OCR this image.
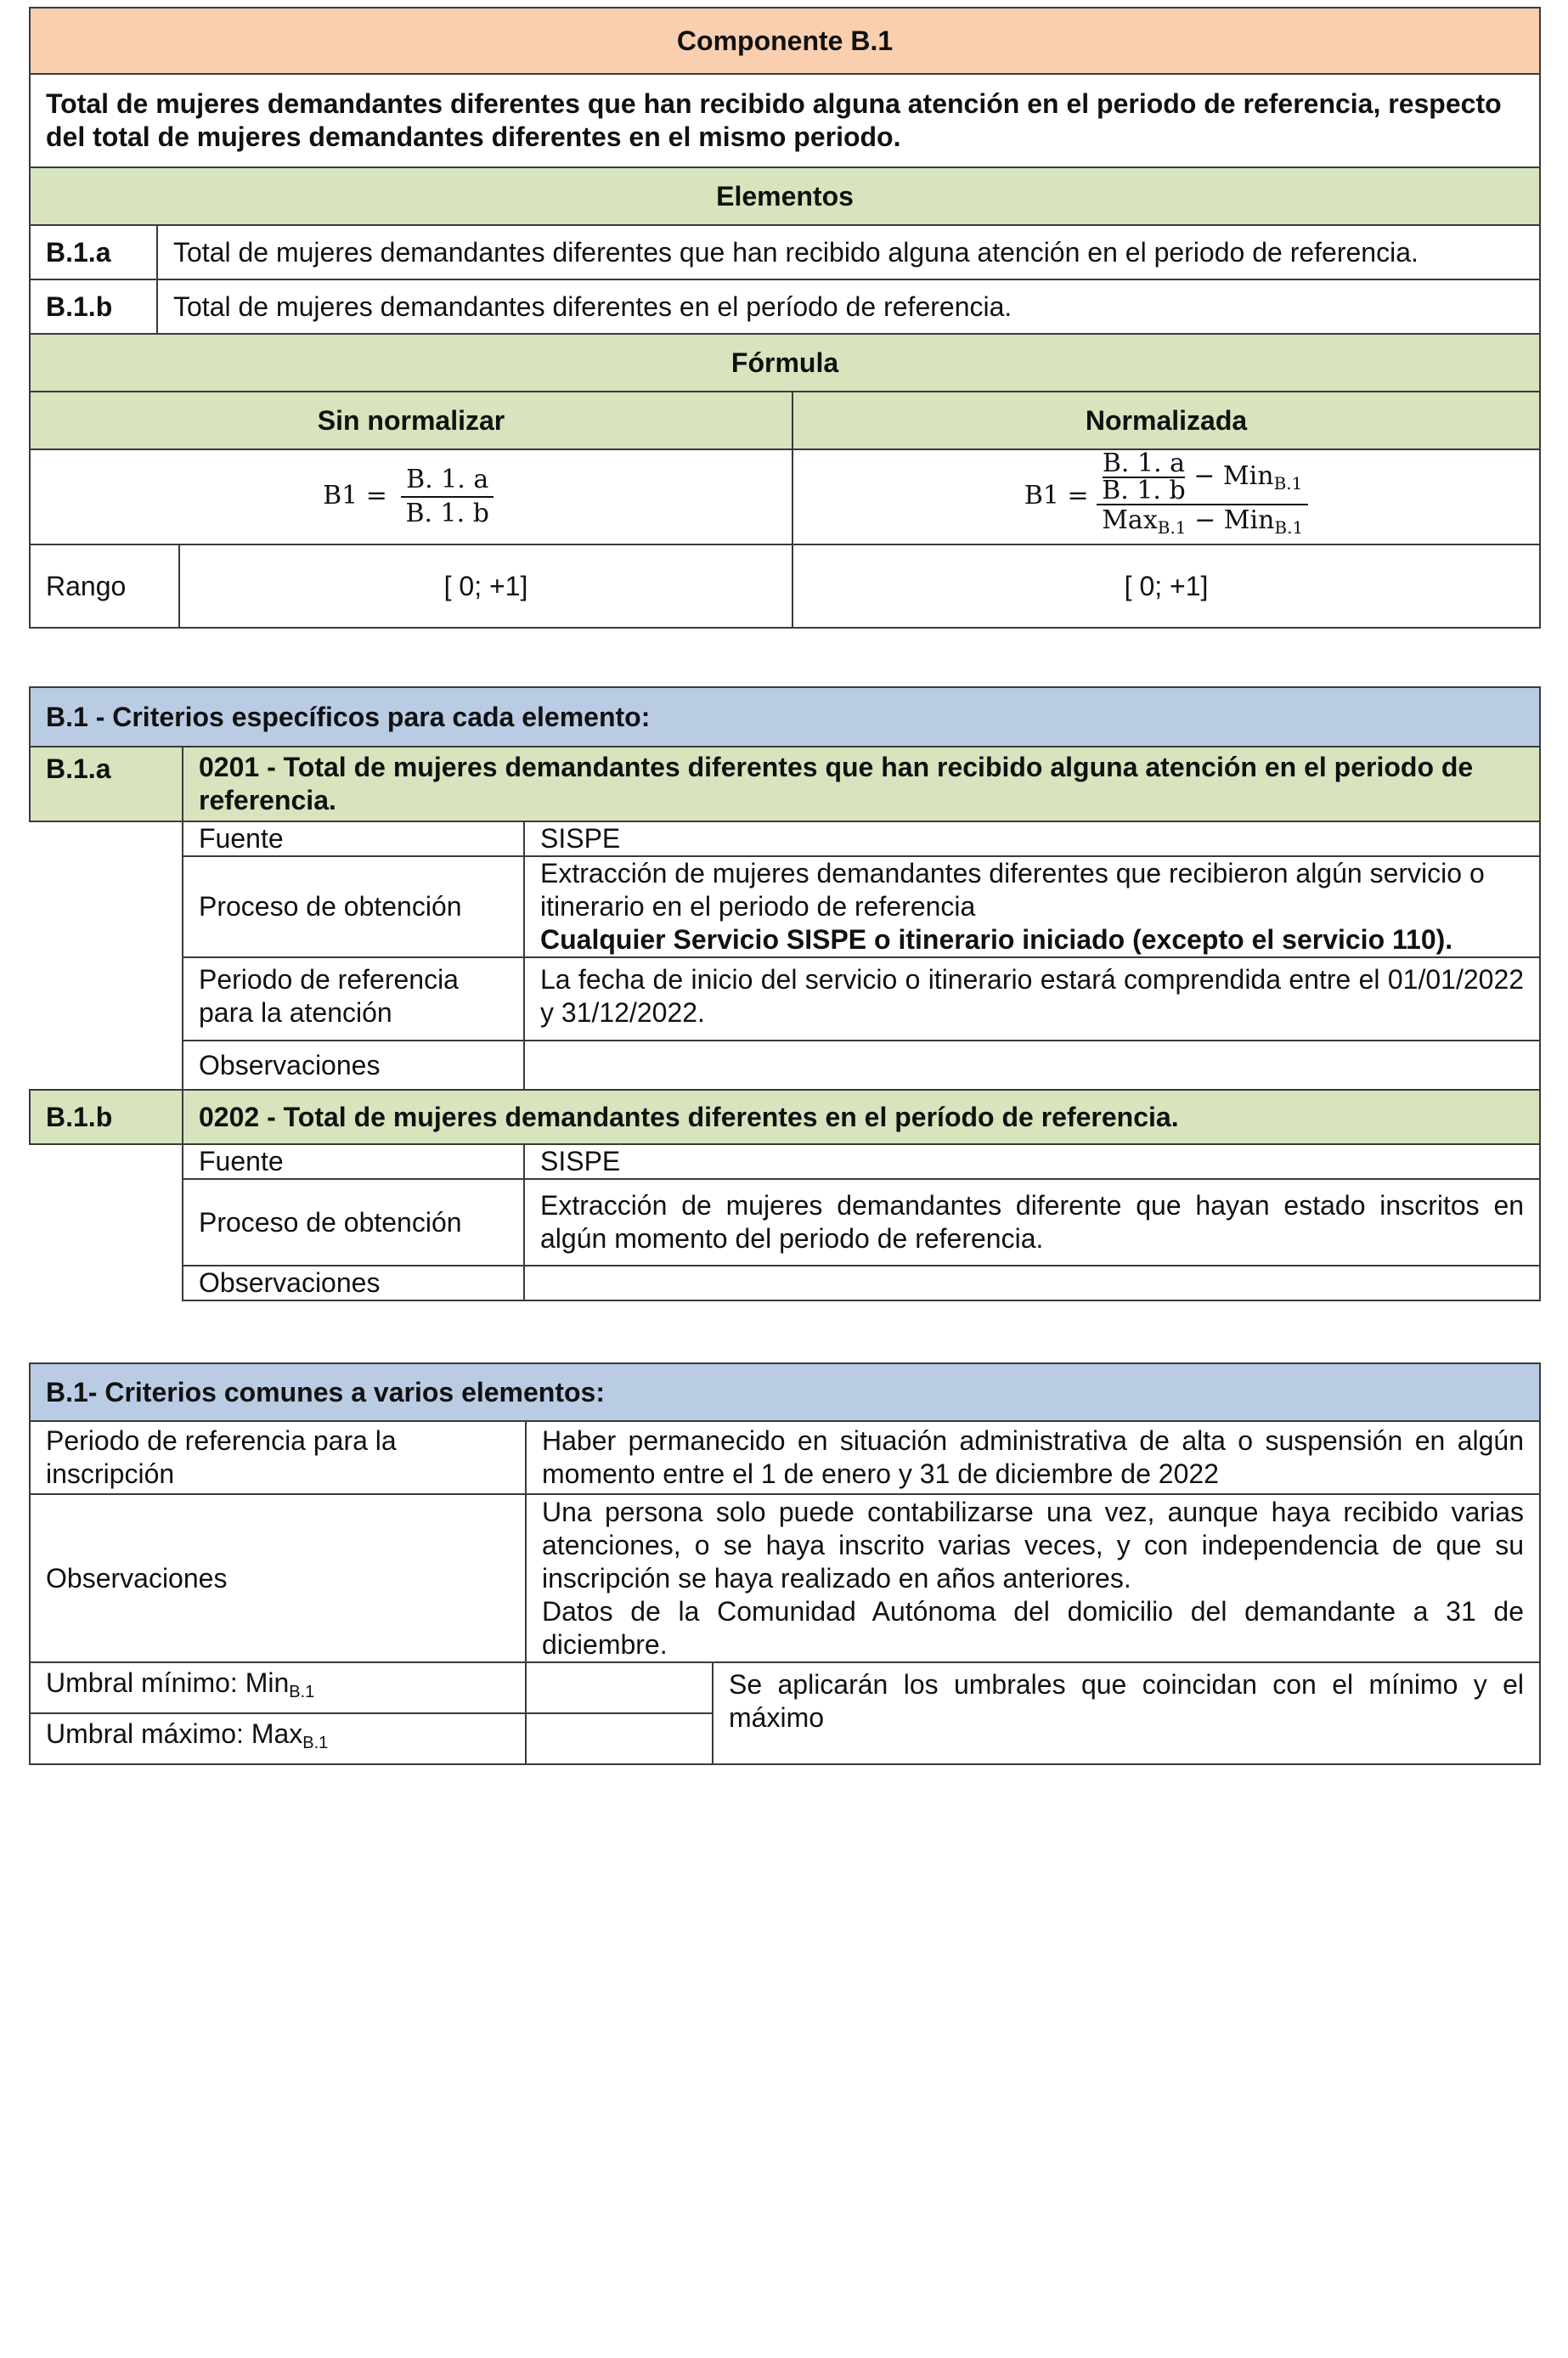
Componente B.1			
Total de mujeres demandantes diferentes que han recibido alguna atención en el periodo de referencia, respecto del total de mujeres demandantes diferentes en el mismo periodo.			
Elementos			
B.1.a	Total de mujeres demandantes diferentes que han recibido alguna atención en el periodo de referencia.		
B.1.b	Total de mujeres demandantes diferentes en el período de referencia.		
Fórmula			
Sin normalizar			Normalizada
$B1 = \frac{B. 1. a}{B. 1. b}$			$B1 = \frac{B. 1. a}{B. 1. b} - Min_{B.1}$
Max$_{B.1}$ − Min$_{B.1}$

Rango		[ 0; +1]	[ 0; +1]
B.1 - Criterios específicos para cada elemento:		
B.1.a	0201 - Total de mujeres demandantes diferentes que han recibido alguna atención en el periodo de referencia.	
	Fuente	SISPE
	Proceso de obtención	Extracción de mujeres demandantes diferentes que recibieron algún servicio o itinerario en el periodo de referencia
Cualquier Servicio SISPE o itinerario iniciado (excepto el servicio 110).

	Periodo de referencia para la atención	La fecha de inicio del servicio o itinerario estará comprendida entre el 01/01/2022 y 31/12/2022.
	Observaciones	
B.1.b	0202 - Total de mujeres demandantes diferentes en el período de referencia.	
	Fuente	SISPE
	Proceso de obtención	Extracción de mujeres demandantes diferente que hayan estado inscritos en algún momento del periodo de referencia.
	Observaciones	
B.1- Criterios comunes a varios elementos:		
Periodo de referencia para la inscripción	Haber permanecido en situación administrativa de alta o suspensión en algún momento entre el 1 de enero y 31 de diciembre de 2022	
Observaciones	Una persona solo puede contabilizarse una vez, aunque haya recibido varias atenciones, o se haya inscrito varias veces, y con independencia de que su inscripción se haya realizado en años anteriores.
Datos de la Comunidad Autónoma del domicilio del demandante a 31 de diciembre.	

Umbral mínimo: MinB.1		Se aplicarán los umbrales que coincidan con el mínimo y el máximo
Umbral máximo: MaxB.1		
